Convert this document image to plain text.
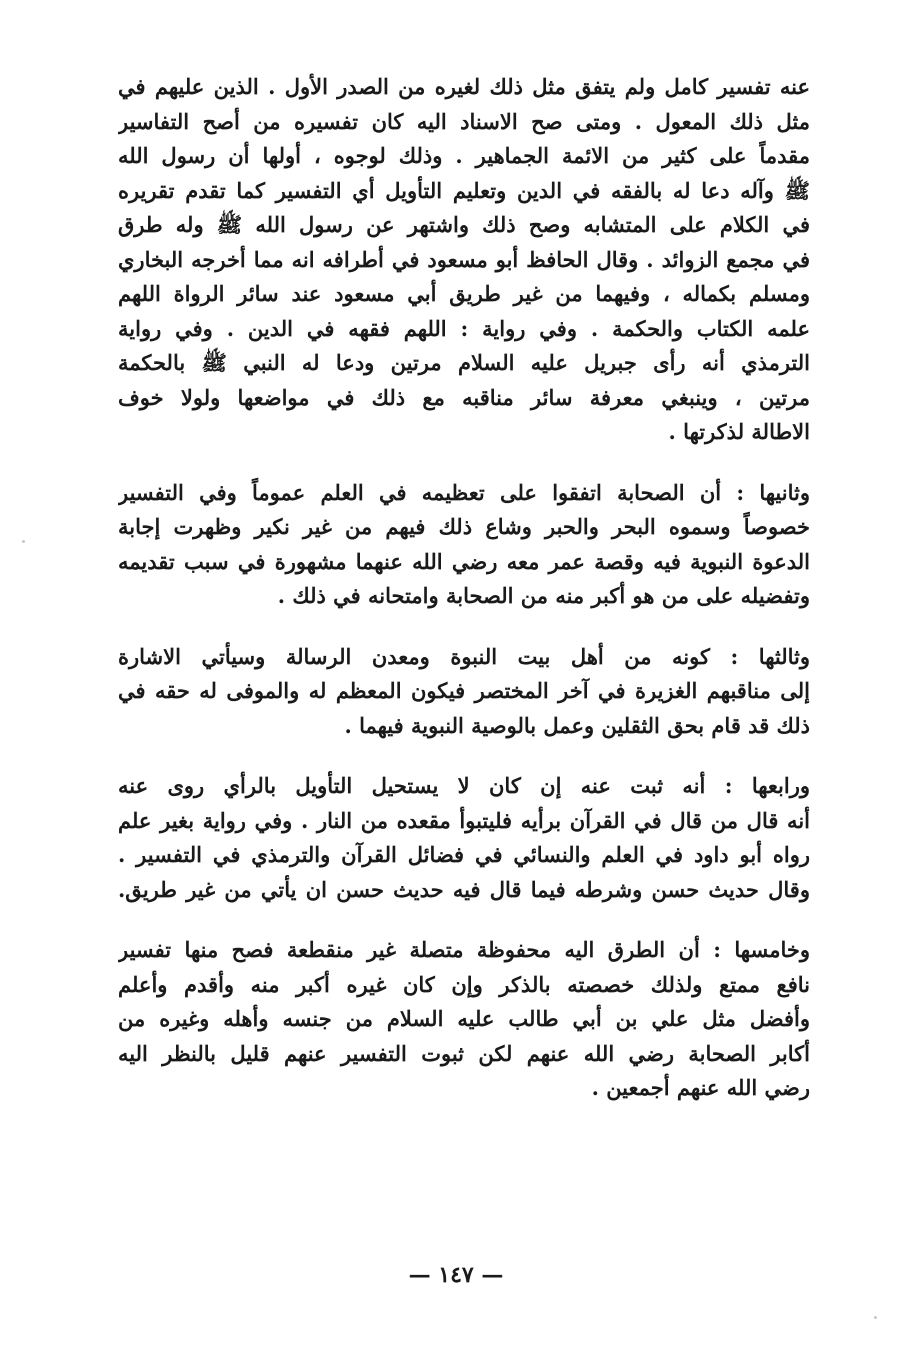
عنه تفسير كامل ولم يتفق مثل ذلك لغيره من الصدر الأول . الذين عليهم في
مثل ذلك المعول . ومتى صح الاسناد اليه كان تفسيره من أصح التفاسير
مقدماً على كثير من الائمة الجماهير . وذلك لوجوه ، أولها أن رسول الله
ﷺ وآله دعا له بالفقه في الدين وتعليم التأويل أي التفسير كما تقدم تقريره
في الكلام على المتشابه وصح ذلك واشتهر عن رسول الله ﷺ وله طرق
في مجمع الزوائد . وقال الحافظ أبو مسعود في أطرافه انه مما أخرجه البخاري
ومسلم بكماله ، وفيهما من غير طريق أبي مسعود عند سائر الرواة اللهم
علمه الكتاب والحكمة . وفي رواية : اللهم فقهه في الدين . وفي رواية
الترمذي أنه رأى جبريل عليه السلام مرتين ودعا له النبي ﷺ بالحكمة
مرتين ، وينبغي معرفة سائر مناقبه مع ذلك في مواضعها ولولا خوف
الاطالة لذكرتها .
وثانيها : أن الصحابة اتفقوا على تعظيمه في العلم عموماً وفي التفسير
خصوصاً وسموه البحر والحبر وشاع ذلك فيهم من غير نكير وظهرت إجابة
الدعوة النبوية فيه وقصة عمر معه رضي الله عنهما مشهورة في سبب تقديمه
وتفضيله على من هو أكبر منه من الصحابة وامتحانه في ذلك .
وثالثها : كونه من أهل بيت النبوة ومعدن الرسالة وسيأتي الاشارة
إلى مناقبهم الغزيرة في آخر المختصر فيكون المعظم له والموفى له حقه في
ذلك قد قام بحق الثقلين وعمل بالوصية النبوية فيهما .
ورابعها : أنه ثبت عنه إن كان لا يستحيل التأويل بالرأي روى عنه
أنه قال من قال في القرآن برأيه فليتبوأ مقعده من النار . وفي رواية بغير علم
رواه أبو داود في العلم والنسائي في فضائل القرآن والترمذي في التفسير .
وقال حديث حسن وشرطه فيما قال فيه حديث حسن ان يأتي من غير طريق.
وخامسها : أن الطرق اليه محفوظة متصلة غير منقطعة فصح منها تفسير
نافع ممتع ولذلك خصصته بالذكر وإن كان غيره أكبر منه وأقدم وأعلم
وأفضل مثل علي بن أبي طالب عليه السلام من جنسه وأهله وغيره من
أكابر الصحابة رضي الله عنهم لكن ثبوت التفسير عنهم قليل بالنظر اليه
رضي الله عنهم أجمعين .
— ١٤٧ —
